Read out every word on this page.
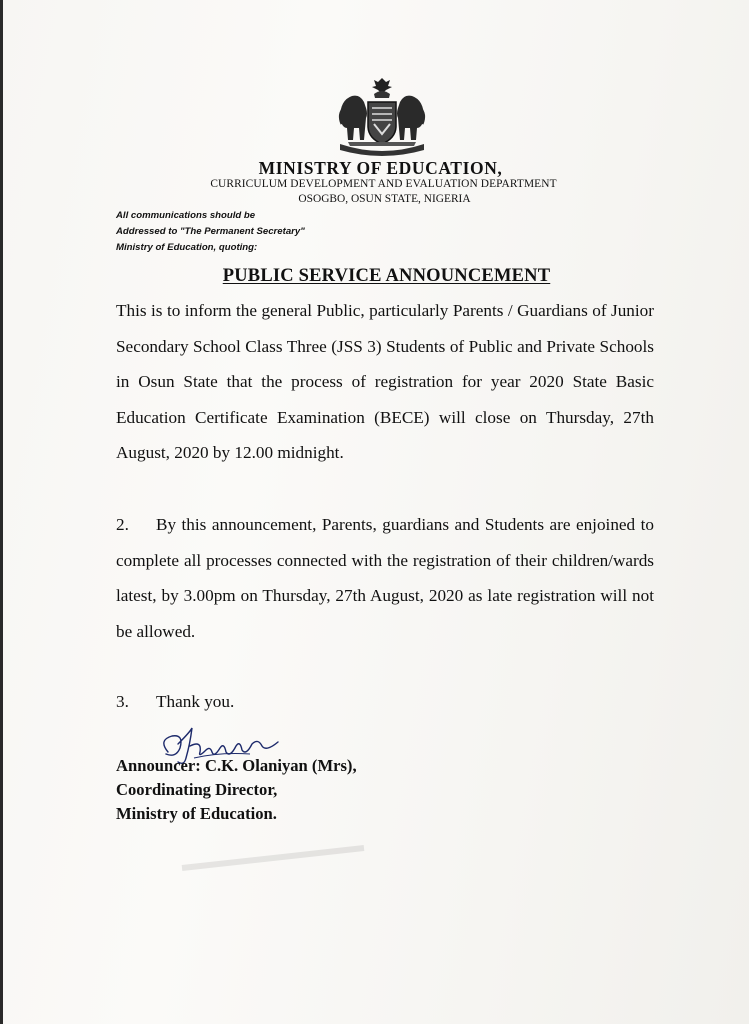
MINISTRY OF EDUCATION,
CURRICULUM DEVELOPMENT AND EVALUATION DEPARTMENT
OSOGBO, OSUN STATE, NIGERIA
All communications should be
Addressed to "The Permanent Secretary"
Ministry of Education, quoting:
PUBLIC SERVICE ANNOUNCEMENT
This is to inform the general Public, particularly Parents / Guardians of Junior Secondary School Class Three (JSS 3) Students of Public and Private Schools in Osun State that the process of registration for year 2020 State Basic Education Certificate Examination (BECE) will close on Thursday, 27th August, 2020 by 12.00 midnight.
2. By this announcement, Parents, guardians and Students are enjoined to complete all processes connected with the registration of their children/wards latest, by 3.00pm on Thursday, 27th August, 2020 as late registration will not be allowed.
3. Thank you.
Announcer: C.K. Olaniyan (Mrs),
Coordinating Director,
Ministry of Education.
